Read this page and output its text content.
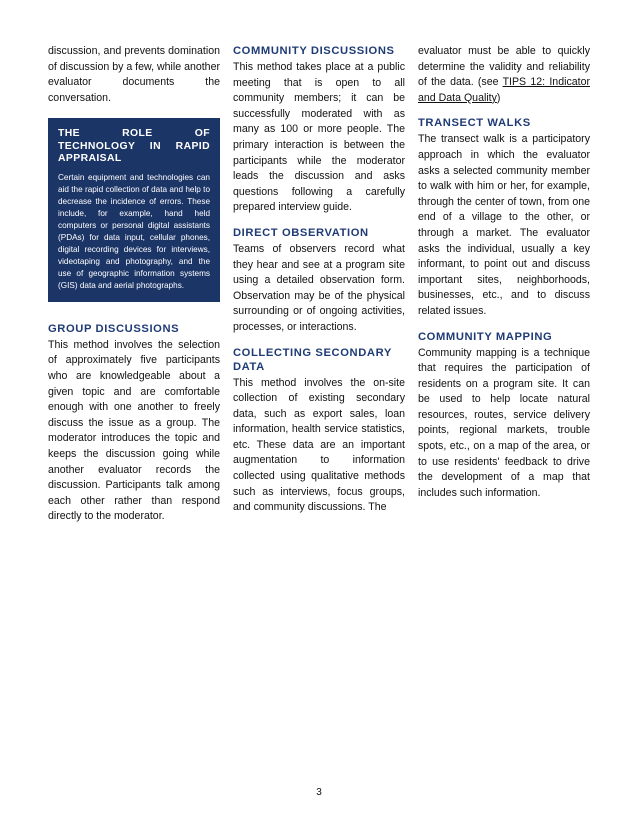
discussion, and prevents domination of discussion by a few, while another evaluator documents the conversation.

THE ROLE OF TECHNOLOGY IN RAPID APPRAISAL

Certain equipment and technologies can aid the rapid collection of data and help to decrease the incidence of errors. These include, for example, hand held computers or personal digital assistants (PDAs) for data input, cellular phones, digital recording devices for interviews, videotaping and photography, and the use of geographic information systems (GIS) data and aerial photographs.

GROUP DISCUSSIONS

This method involves the selection of approximately five participants who are knowledgeable about a given topic and are comfortable enough with one another to freely discuss the issue as a group. The moderator introduces the topic and keeps the discussion going while another evaluator records the discussion. Participants talk among each other rather than respond directly to the moderator.

COMMUNITY DISCUSSIONS

This method takes place at a public meeting that is open to all community members; it can be successfully moderated with as many as 100 or more people. The primary interaction is between the participants while the moderator leads the discussion and asks questions following a carefully prepared interview guide.

DIRECT OBSERVATION

Teams of observers record what they hear and see at a program site using a detailed observation form. Observation may be of the physical surrounding or of ongoing activities, processes, or interactions.

COLLECTING SECONDARY DATA

This method involves the on-site collection of existing secondary data, such as export sales, loan information, health service statistics, etc. These data are an important augmentation to information collected using qualitative methods such as interviews, focus groups, and community discussions. The

evaluator must be able to quickly determine the validity and reliability of the data. (see TIPS 12: Indicator and Data Quality)

TRANSECT WALKS

The transect walk is a participatory approach in which the evaluator asks a selected community member to walk with him or her, for example, through the center of town, from one end of a village to the other, or through a market. The evaluator asks the individual, usually a key informant, to point out and discuss important sites, neighborhoods, businesses, etc., and to discuss related issues.

COMMUNITY MAPPING

Community mapping is a technique that requires the participation of residents on a program site. It can be used to help locate natural resources, routes, service delivery points, regional markets, trouble spots, etc., on a map of the area, or to use residents' feedback to drive the development of a map that includes such information.

3
